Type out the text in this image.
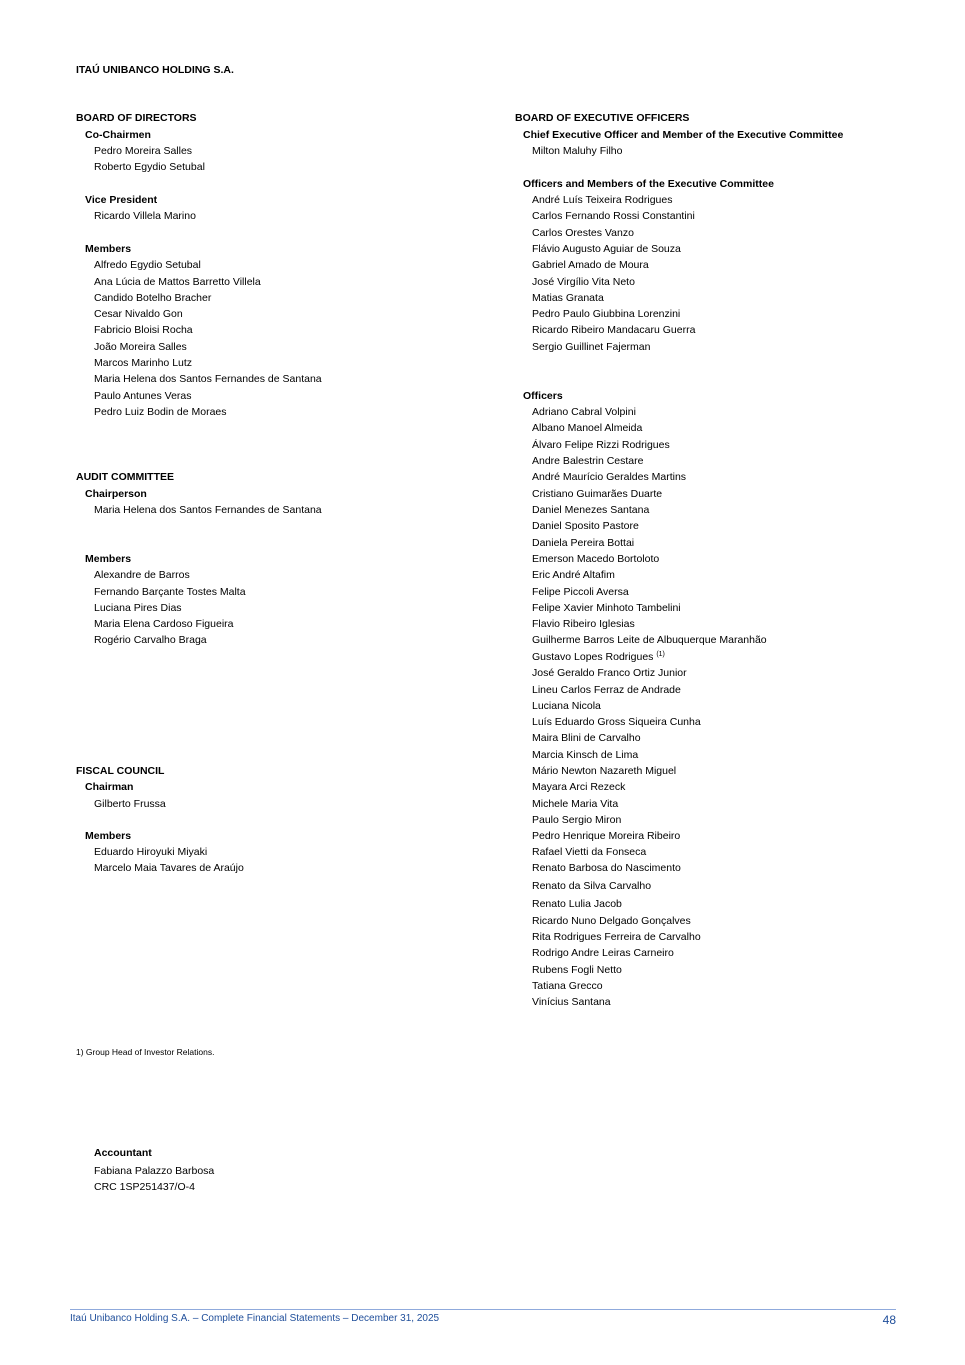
ITAÚ UNIBANCO HOLDING S.A.
BOARD OF DIRECTORS
Co-Chairmen
Pedro Moreira Salles
Roberto Egydio Setubal
Vice President
Ricardo Villela Marino
Members
Alfredo Egydio Setubal
Ana Lúcia de Mattos Barretto Villela
Candido Botelho Bracher
Cesar Nivaldo Gon
Fabricio Bloisi Rocha
João Moreira Salles
Marcos Marinho Lutz
Maria Helena dos Santos Fernandes de Santana
Paulo Antunes Veras
Pedro Luiz Bodin de Moraes
AUDIT COMMITTEE
Chairperson
Maria Helena dos Santos Fernandes de Santana
Members
Alexandre de Barros
Fernando Barçante Tostes Malta
Luciana Pires Dias
Maria Elena Cardoso Figueira
Rogério Carvalho Braga
FISCAL COUNCIL
Chairman
Gilberto Frussa
Members
Eduardo Hiroyuki Miyaki
Marcelo Maia Tavares de Araújo
BOARD OF EXECUTIVE OFFICERS
Chief Executive Officer and Member of the Executive Committee
Milton Maluhy Filho
Officers and Members of the Executive Committee
André Luís Teixeira Rodrigues
Carlos Fernando Rossi Constantini
Carlos Orestes Vanzo
Flávio Augusto Aguiar de Souza
Gabriel Amado de Moura
José Virgílio Vita Neto
Matias Granata
Pedro Paulo Giubbina Lorenzini
Ricardo Ribeiro Mandacaru Guerra
Sergio Guillinet Fajerman
Officers
Adriano Cabral Volpini
Albano Manoel Almeida
Álvaro Felipe Rizzi Rodrigues
Andre Balestrin Cestare
André Maurício Geraldes Martins
Cristiano Guimarães Duarte
Daniel Menezes Santana
Daniel Sposito Pastore
Daniela Pereira Bottai
Emerson Macedo Bortoloto
Eric André Altafim
Felipe Piccoli Aversa
Felipe Xavier Minhoto Tambelini
Flavio Ribeiro Iglesias
Guilherme Barros Leite de Albuquerque Maranhão
Gustavo Lopes Rodrigues $^{(1)}$
José Geraldo Franco Ortiz Junior
Lineu Carlos Ferraz de Andrade
Luciana Nicola
Luís Eduardo Gross Siqueira Cunha
Maira Blini de Carvalho
Marcia Kinsch de Lima
Mário Newton Nazareth Miguel
Mayara Arci Rezeck
Michele Maria Vita
Paulo Sergio Miron
Pedro Henrique Moreira Ribeiro
Rafael Vietti da Fonseca
Renato Barbosa do Nascimento
Renato da Silva Carvalho
Renato Lulia Jacob
Ricardo Nuno Delgado Gonçalves
Rita Rodrigues Ferreira de Carvalho
Rodrigo Andre Leiras Carneiro
Rubens Fogli Netto
Tatiana Grecco
Vinícius Santana
1) Group Head of Investor Relations.
Accountant
Fabiana Palazzo Barbosa
CRC 1SP251437/O-4
Itaú Unibanco Holding S.A. – Complete Financial Statements – December 31, 2025	48
